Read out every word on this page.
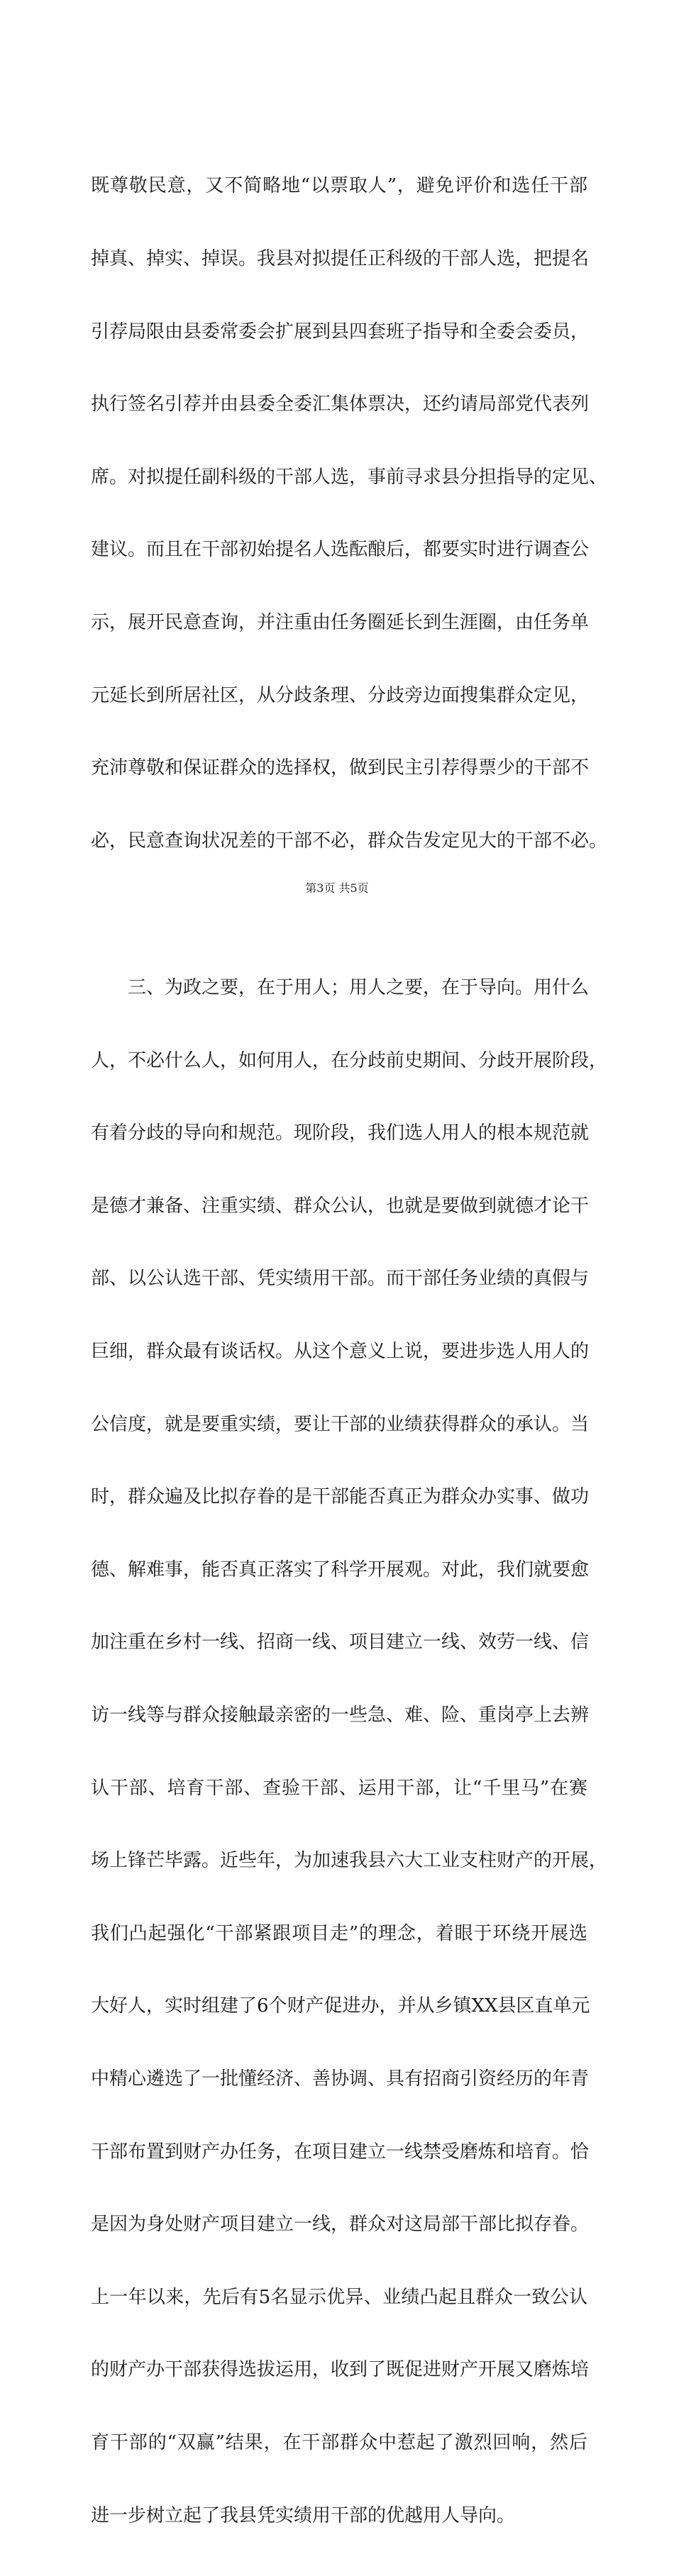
既尊敬民意，又不简略地“以票取人”，避免评价和选任干部

掉真、掉实、掉误。我县对拟提任正科级的干部人选，把提名

引荐局限由县委常委会扩展到县四套班子指导和全委会委员，

执行签名引荐并由县委全委汇集体票决，还约请局部党代表列

席。对拟提任副科级的干部人选，事前寻求县分担指导的定见、

建议。而且在干部初始提名人选酝酿后，都要实时进行调查公

示，展开民意查询，并注重由任务圈延长到生涯圈，由任务单

元延长到所居社区，从分歧条理、分歧旁边面搜集群众定见，

充沛尊敬和保证群众的选择权，做到民主引荐得票少的干部不

必，民意查询状况差的干部不必，群众告发定见大的干部不必。

　　三、为政之要，在于用人；用人之要，在于导向。用什么

人，不必什么人，如何用人，在分歧前史期间、分歧开展阶段，

有着分歧的导向和规范。现阶段，我们选人用人的根本规范就

是德才兼备、注重实绩、群众公认，也就是要做到就德才论干

部、以公认选干部、凭实绩用干部。而干部任务业绩的真假与

巨细，群众最有谈话权。从这个意义上说，要进步选人用人的

公信度，就是要重实绩，要让干部的业绩获得群众的承认。当

时，群众遍及比拟存眷的是干部能否真正为群众办实事、做功

德、解难事，能否真正落实了科学开展观。对此，我们就要愈

加注重在乡村一线、招商一线、项目建立一线、效劳一线、信

访一线等与群众接触最亲密的一些急、难、险、重岗亭上去辨

认干部、培育干部、查验干部、运用干部，让“千里马”在赛

场上锋芒毕露。近些年，为加速我县六大工业支柱财产的开展，

我们凸起强化“干部紧跟项目走”的理念，着眼于环绕开展选

大好人，实时组建了6个财产促进办，并从乡镇XX县区直单元

中精心遴选了一批懂经济、善协调、具有招商引资经历的年青

干部布置到财产办任务，在项目建立一线禁受磨炼和培育。恰

是因为身处财产项目建立一线，群众对这局部干部比拟存眷。

上一年以来，先后有5名显示优异、业绩凸起且群众一致公认

的财产办干部获得选拔运用，收到了既促进财产开展又磨炼培

育干部的“双赢”结果，在干部群众中惹起了激烈回响，然后

进一步树立起了我县凭实绩用干部的优越用人导向。

第3页 共5页
